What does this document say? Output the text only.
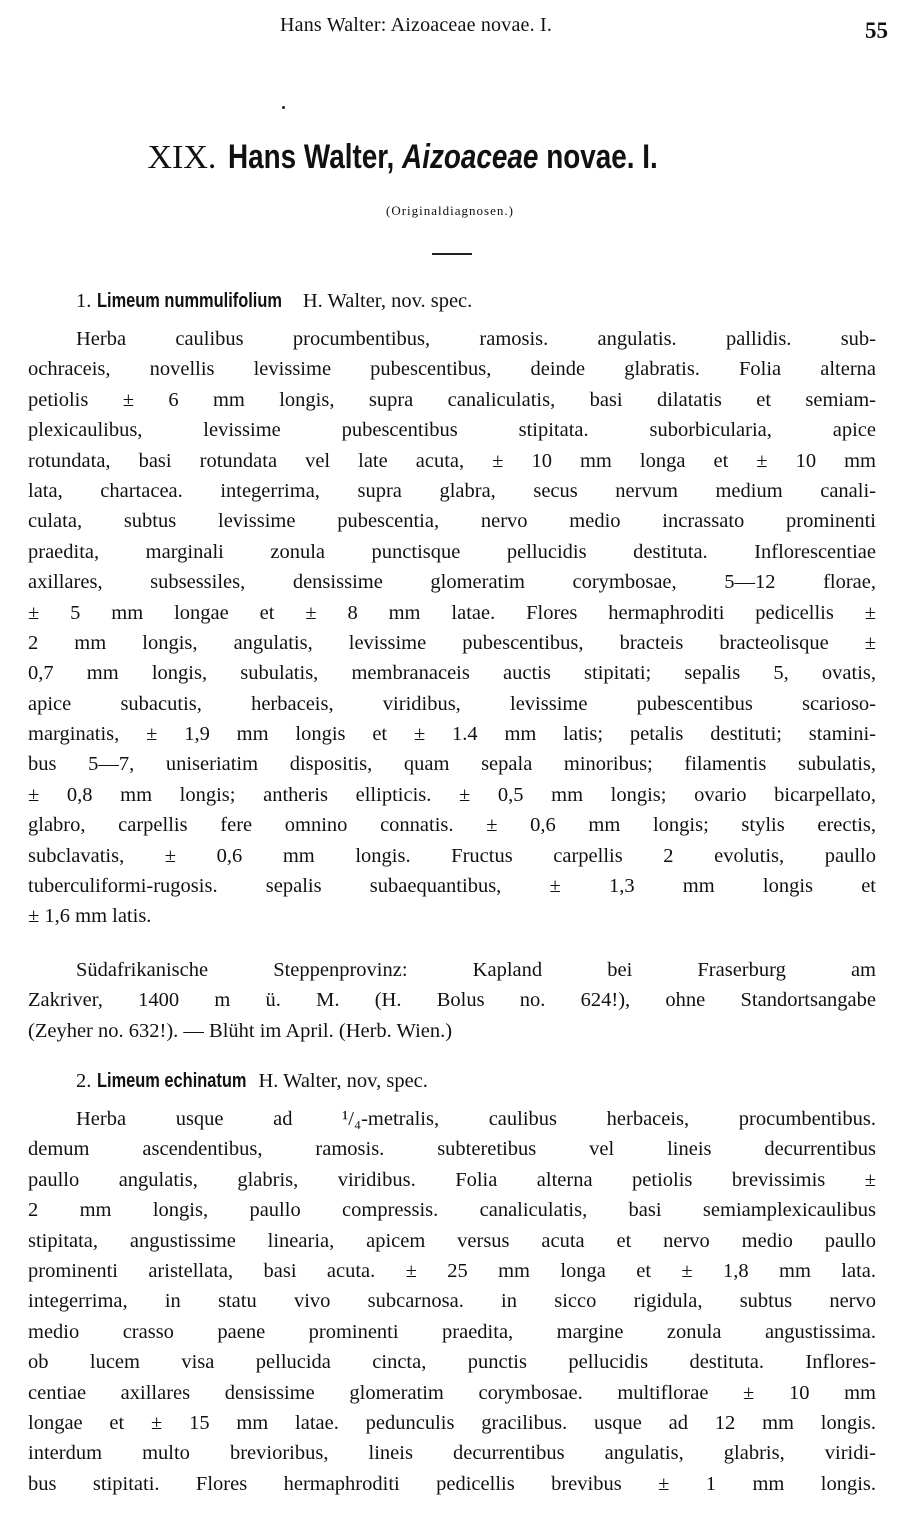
Hans Walter: Aizoaceae novae. I.	55
XIX. Hans Walter, Aizoaceae novae. I.
(Originaldiagnosen.)
1. Limeum nummulifolium H. Walter, nov. spec.
Herba caulibus procumbentibus, ramosis. angulatis. pallidis. sub-
ochraceis, novellis levissime pubescentibus, deinde glabratis. Folia alterna
petiolis ± 6 mm longis, supra canaliculatis, basi dilatatis et semiam-
plexicaulibus, levissime pubescentibus stipitata. suborbicularia, apice
rotundata, basi rotundata vel late acuta, ± 10 mm longa et ± 10 mm
lata, chartacea. integerrima, supra glabra, secus nervum medium canali-
culata, subtus levissime pubescentia, nervo medio incrassato prominenti
praedita, marginali zonula punctisque pellucidis destituta. Inflorescentiae
axillares, subsessiles, densissime glomeratim corymbosae, 5—12 florae,
± 5 mm longae et ± 8 mm latae. Flores hermaphroditi pedicellis ±
2 mm longis, angulatis, levissime pubescentibus, bracteis bracteolisque ±
0,7 mm longis, subulatis, membranaceis auctis stipitati; sepalis 5, ovatis,
apice subacutis, herbaceis, viridibus, levissime pubescentibus scarioso-
marginatis, ± 1,9 mm longis et ± 1.4 mm latis; petalis destituti; stamini-
bus 5—7, uniseriatim dispositis, quam sepala minoribus; filamentis subulatis,
± 0,8 mm longis; antheris ellipticis. ± 0,5 mm longis; ovario bicarpellato,
glabro, carpellis fere omnino connatis. ± 0,6 mm longis; stylis erectis,
subclavatis, ± 0,6 mm longis. Fructus carpellis 2 evolutis, paullo
tuberculiformi-rugosis. sepalis subaequantibus, ± 1,3 mm longis et
± 1,6 mm latis.
Südafrikanische Steppenprovinz: Kapland bei Fraserburg am
Zakriver, 1400 m ü. M. (H. Bolus no. 624!), ohne Standortsangabe
(Zeyher no. 632!). — Blüht im April. (Herb. Wien.)
2. Limeum echinatum H. Walter, nov, spec.
Herba usque ad ¹/₄-metralis, caulibus herbaceis, procumbentibus.
demum ascendentibus, ramosis. subteretibus vel lineis decurrentibus
paullo angulatis, glabris, viridibus. Folia alterna petiolis brevissimis ±
2 mm longis, paullo compressis. canaliculatis, basi semiamplexicaulibus
stipitata, angustissime linearia, apicem versus acuta et nervo medio paullo
prominenti aristellata, basi acuta. ± 25 mm longa et ± 1,8 mm lata.
integerrima, in statu vivo subcarnosa. in sicco rigidula, subtus nervo
medio crasso paene prominenti praedita, margine zonula angustissima.
ob lucem visa pellucida cincta, punctis pellucidis destituta. Inflores-
centiae axillares densissime glomeratim corymbosae. multiflorae ± 10 mm
longae et ± 15 mm latae. pedunculis gracilibus. usque ad 12 mm longis.
interdum multo brevioribus, lineis decurrentibus angulatis, glabris, viridi-
bus stipitati. Flores hermaphroditi pedicellis brevibus ± 1 mm longis.
